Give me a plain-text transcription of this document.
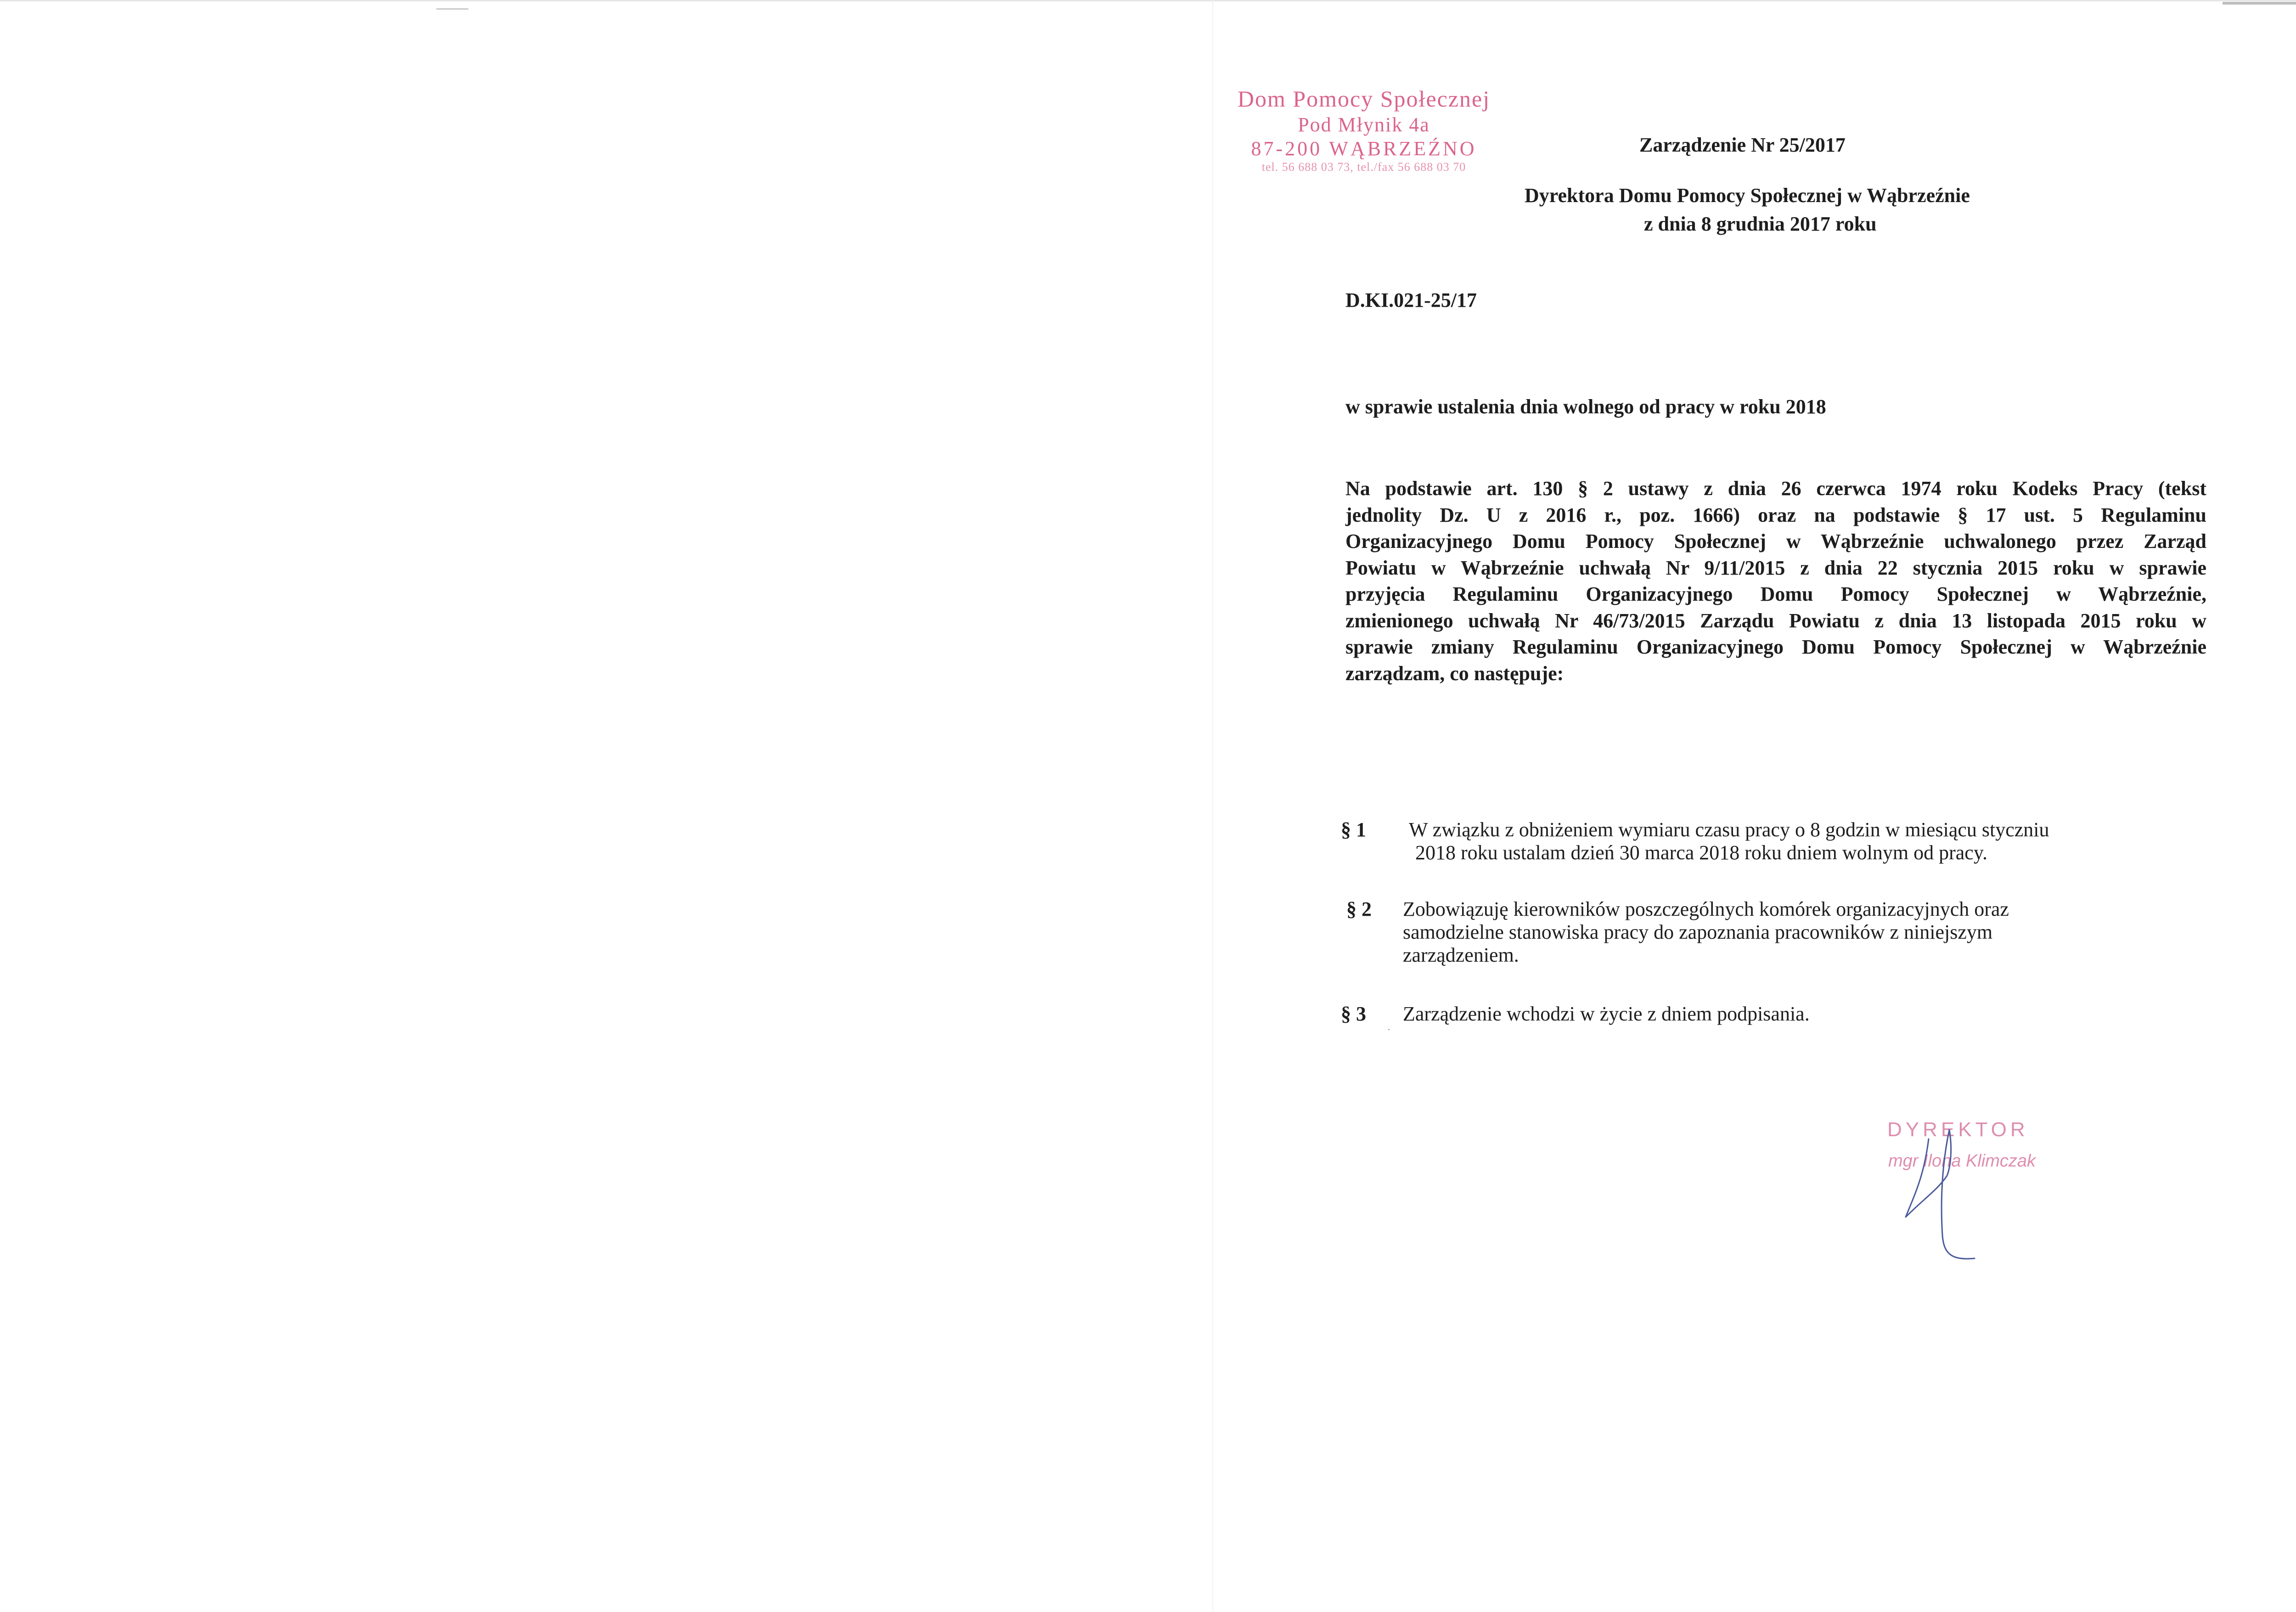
Dom Pomocy Społecznej
Pod Młynik 4a
87-200 WĄBRZEŹNO
tel. 56 688 03 73, tel./fax 56 688 03 70
Zarządzenie Nr 25/2017
Dyrektora Domu Pomocy Społecznej w Wąbrzeźnie
z dnia 8 grudnia 2017 roku
D.KI.021-25/17
w sprawie ustalenia dnia wolnego od pracy w roku 2018
Na podstawie art. 130 § 2 ustawy z dnia 26 czerwca 1974 roku Kodeks Pracy (tekst
jednolity Dz. U z 2016 r., poz. 1666) oraz na podstawie § 17 ust. 5 Regulaminu
Organizacyjnego Domu Pomocy Społecznej w Wąbrzeźnie uchwalonego przez Zarząd
Powiatu w Wąbrzeźnie uchwałą Nr 9/11/2015 z dnia 22 stycznia 2015 roku w sprawie
przyjęcia Regulaminu Organizacyjnego Domu Pomocy Społecznej w Wąbrzeźnie,
zmienionego uchwałą Nr 46/73/2015 Zarządu Powiatu z dnia 13 listopada 2015 roku w
sprawie zmiany Regulaminu Organizacyjnego Domu Pomocy Społecznej w Wąbrzeźnie
zarządzam, co następuje:
§ 1 W związku z obniżeniem wymiaru czasu pracy o 8 godzin w miesiącu styczniu
2018 roku ustalam dzień 30 marca 2018 roku dniem wolnym od pracy.
§ 2 Zobowiązuję kierowników poszczególnych komórek organizacyjnych oraz
samodzielne stanowiska pracy do zapoznania pracowników z niniejszym
zarządzeniem.
§ 3
.
Zarządzenie wchodzi w życie z dniem podpisania.
DYREKTOR
mgr Ilona Klimczak
